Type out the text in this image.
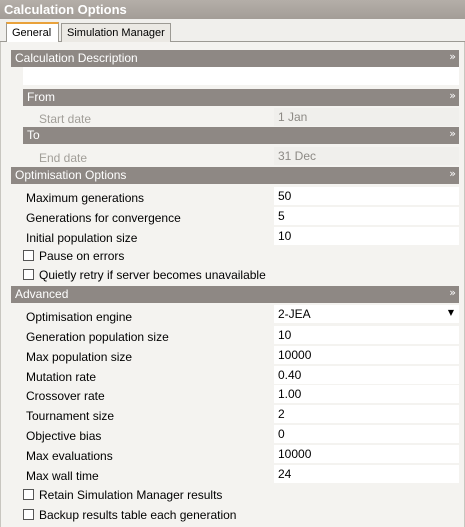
Calculation Options
General	Simulation Manager
Calculation Description	»
From	»
Start date	1 Jan
To	»
End date	31 Dec
Optimisation Options	»
Maximum generations	50
Generations for convergence	5
Initial population size	10
Pause on errors
Quietly retry if server becomes unavailable
Advanced	»
Optimisation engine	2-JEA	▼
Generation population size	10
Max population size	10000
Mutation rate	0.40
Crossover rate	1.00
Tournament size	2
Objective bias	0
Max evaluations	10000
Max wall time	24
Retain Simulation Manager results
Backup results table each generation
